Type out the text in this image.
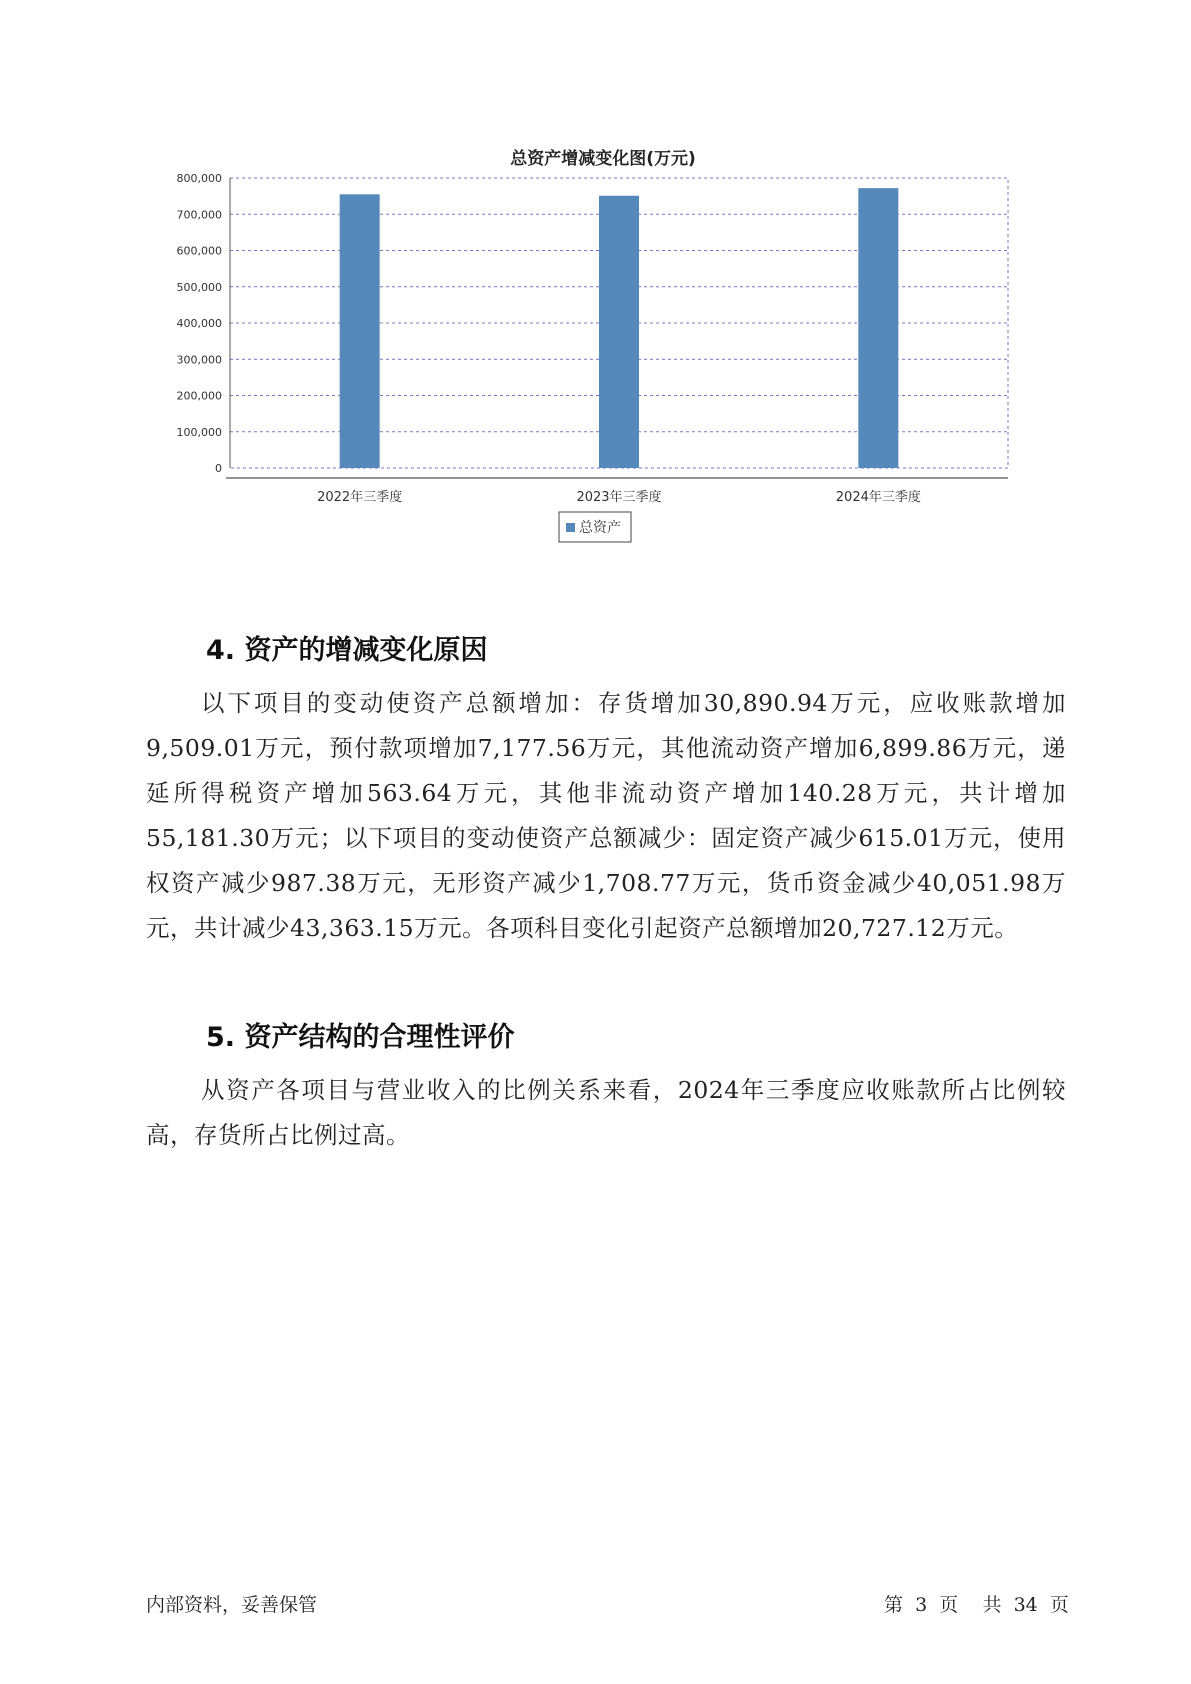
总资产增减变化图(万元)
0
100,000
200,000
300,000
400,000
500,000
600,000
700,000
800,000
2022年三季度	2023年三季度	2024年三季度
总资产
4. 资产的增减变化原因

以下项目的变动使资产总额增加：存货增加30,890.94万元，应收账款增加9,509.01万元，预付款项增加7,177.56万元，其他流动资产增加6,899.86万元，递延所得税资产增加563.64万元，其他非流动资产增加140.28万元，共计增加55,181.30万元；以下项目的变动使资产总额减少：固定资产减少615.01万元，使用权资产减少987.38万元，无形资产减少1,708.77万元，货币资金减少40,051.98万元，共计减少43,363.15万元。各项科目变化引起资产总额增加20,727.12万元。

5. 资产结构的合理性评价

从资产各项目与营业收入的比例关系来看，2024年三季度应收账款所占比例较高，存货所占比例过高。

内部资料，妥善保管	第 3 页 共 34 页
